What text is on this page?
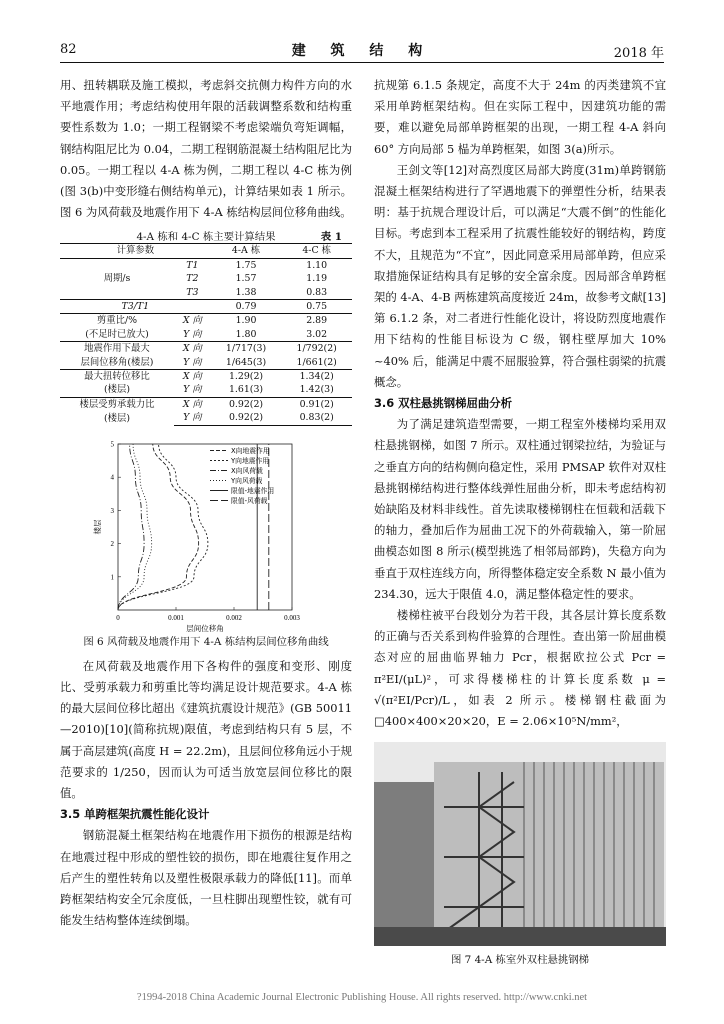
82	建 筑 结 构	2018 年

用、扭转耦联及施工模拟，考虑斜交抗侧力构件方向的水平地震作用；考虑结构使用年限的活载调整系数和结构重要性系数为 1.0；一期工程钢梁不考虑梁端负弯矩调幅，钢结构阻尼比为 0.04，二期工程钢筋混凝土结构阻尼比为 0.05。一期工程以 4-A 栋为例，二期工程以 4-C 栋为例(图 3(b)中变形缝右侧结构单元)，计算结果如表 1 所示。图 6 为风荷载及地震作用下 4-A 栋结构层间位移角曲线。

4-A 栋和 4-C 栋主要计算结果	表 1
计算参数		4-A 栋	4-C 栋
周期/s	T1	1.75	1.10
	T2	1.57	1.19
	T3	1.38	0.83
T3/T1		0.79	0.75
剪重比/%
(不足时已放大)	X 向	1.90	2.89
	Y 向	1.80	3.02
地震作用下最大
层间位移角(楼层)	X 向	1/717(3)	1/792(2)
	Y 向	1/645(3)	1/661(2)
最大扭转位移比
(楼层)	X 向	1.29(2)	1.34(2)
	Y 向	1.61(3)	1.42(3)
楼层受剪承载力比
(楼层)	X 向	0.92(2)	0.91(2)
	Y 向	0.92(2)	0.83(2)
0	0.001	0.002	0.003
1
2
3
4
5
层间位移角
楼层
X向地震作用
Y向地震作用
X向风荷载
Y向风荷载
限值-地震作用
限值-风荷载
图 6 风荷载及地震作用下 4-A 栋结构层间位移角曲线

在风荷载及地震作用下各构件的强度和变形、刚度比、受剪承载力和剪重比等均满足设计规范要求。4-A 栋的最大层间位移比超出《建筑抗震设计规范》(GB 50011—2010)[10](简称抗规)限值，考虑到结构只有 5 层，不属于高层建筑(高度 H = 22.2m)，且层间位移角远小于规范要求的 1/250，因而认为可适当放宽层间位移比的限值。

3.5 单跨框架抗震性能化设计

钢筋混凝土框架结构在地震作用下损伤的根源是结构在地震过程中形成的塑性铰的损伤，即在地震往复作用之后产生的塑性转角以及塑性极限承载力的降低[11]。而单跨框架结构安全冗余度低，一旦柱脚出现塑性铰，就有可能发生结构整体连续倒塌。

抗规第 6.1.5 条规定，高度不大于 24m 的丙类建筑不宜采用单跨框架结构。但在实际工程中，因建筑功能的需要，难以避免局部单跨框架的出现，一期工程 4-A 斜向 60° 方向局部 5 榀为单跨框架，如图 3(a)所示。

王剑文等[12]对高烈度区局部大跨度(31m)单跨钢筋混凝土框架结构进行了罕遇地震下的弹塑性分析，结果表明：基于抗规合理设计后，可以满足“大震不倒”的性能化目标。考虑到本工程采用了抗震性能较好的钢结构，跨度不大，且规范为“不宜”，因此同意采用局部单跨，但应采取措施保证结构具有足够的安全富余度。因局部含单跨框架的 4-A、4-B 两栋建筑高度接近 24m，故参考文献[13]第 6.1.2 条，对二者进行性能化设计，将设防烈度地震作用下结构的性能目标设为 C 级，钢柱壁厚加大 10% ~40% 后，能满足中震不屈服验算，符合强柱弱梁的抗震概念。

3.6 双柱悬挑钢梯屈曲分析

为了满足建筑造型需要，一期工程室外楼梯均采用双柱悬挑钢梯，如图 7 所示。双柱通过钢梁拉结，为验证与之垂直方向的结构侧向稳定性，采用 PMSAP 软件对双柱悬挑钢梯结构进行整体线弹性屈曲分析，即未考虑结构初始缺陷及材料非线性。首先读取楼梯钢柱在恒载和活载下的轴力，叠加后作为屈曲工况下的外荷载输入，第一阶屈曲模态如图 8 所示(模型挑选了相邻局部跨)，失稳方向为垂直于双柱连线方向，所得整体稳定安全系数 N 最小值为 234.30，远大于限值 4.0，满足整体稳定性的要求。

楼梯柱被平台段划分为若干段，其各层计算长度系数的正确与否关系到构件验算的合理性。查出第一阶屈曲模态对应的屈曲临界轴力 Pcr，根据欧拉公式 Pcr = π²EI/(μL)²，可求得楼梯柱的计算长度系数 μ = √(π²EI/Pcr)/L，如表 2 所示。楼梯钢柱截面为□400×400×20×20，E = 2.06×10⁵N/mm²，

图 7 4-A 栋室外双柱悬挑钢梯
?1994-2018 China Academic Journal Electronic Publishing House. All rights reserved. http://www.cnki.net
